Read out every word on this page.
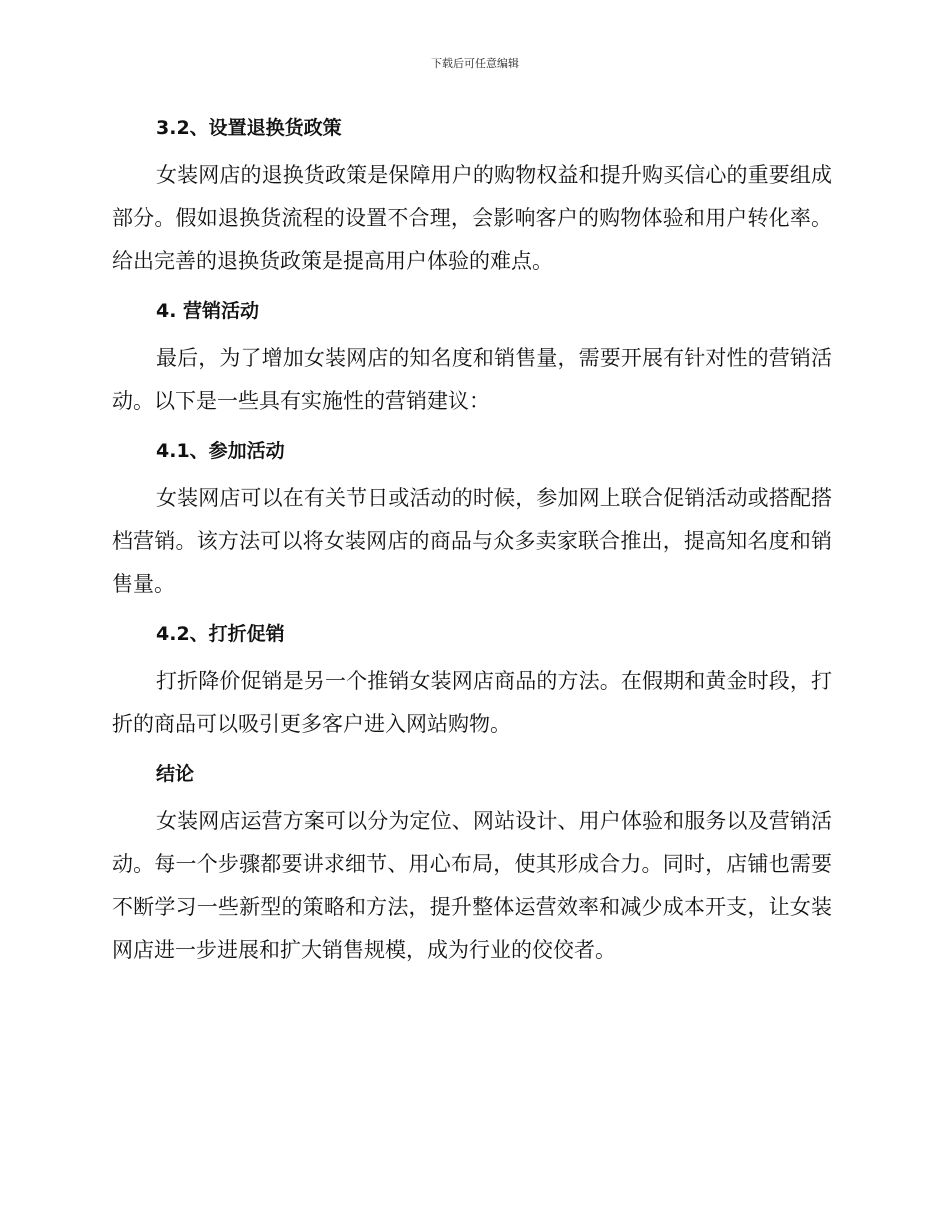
下载后可任意编辑
3.2、设置退换货政策

女装网店的退换货政策是保障用户的购物权益和提升购买信心的重要组成部分。假如退换货流程的设置不合理，会影响客户的购物体验和用户转化率。给出完善的退换货政策是提高用户体验的难点。

4. 营销活动

最后，为了增加女装网店的知名度和销售量，需要开展有针对性的营销活动。以下是一些具有实施性的营销建议：

4.1、参加活动

女装网店可以在有关节日或活动的时候，参加网上联合促销活动或搭配搭档营销。该方法可以将女装网店的商品与众多卖家联合推出，提高知名度和销售量。

4.2、打折促销

打折降价促销是另一个推销女装网店商品的方法。在假期和黄金时段，打折的商品可以吸引更多客户进入网站购物。

结论

女装网店运营方案可以分为定位、网站设计、用户体验和服务以及营销活动。每一个步骤都要讲求细节、用心布局，使其形成合力。同时，店铺也需要不断学习一些新型的策略和方法，提升整体运营效率和减少成本开支，让女装网店进一步进展和扩大销售规模，成为行业的佼佼者。
